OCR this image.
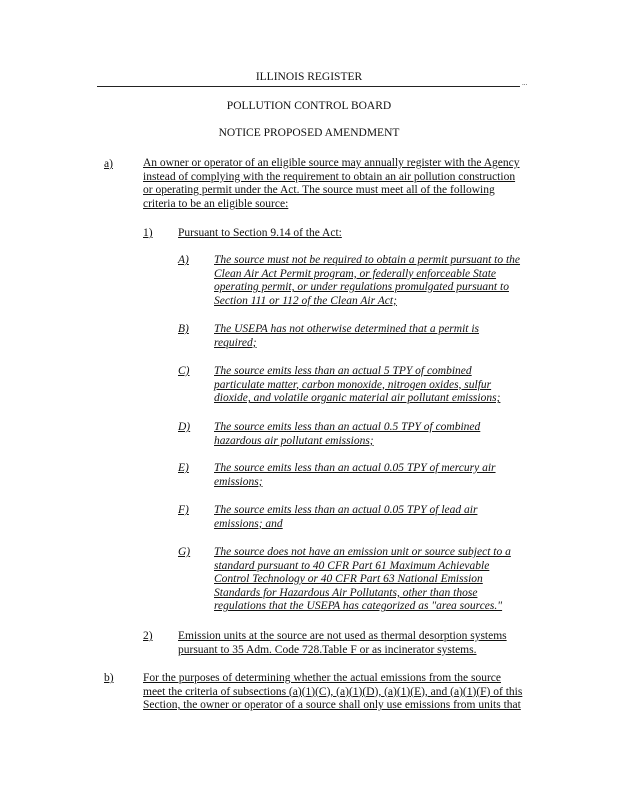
ILLINOIS REGISTER	...
POLLUTION CONTROL BOARD
NOTICE PROPOSED AMENDMENT
a)	An owner or operator of an eligible source may annually register with the Agency
instead of complying with the requirement to obtain an air pollution construction
or operating permit under the Act. The source must meet all of the following
criteria to be an eligible source:
1) Pursuant to Section 9.14 of the Act:
A) The source must not be required to obtain a permit pursuant to the
Clean Air Act Permit program, or federally enforceable State
operating permit, or under regulations promulgated pursuant to
Section 111 or 112 of the Clean Air Act;
B) The USEPA has not otherwise determined that a permit is
required;
C) The source emits less than an actual 5 TPY of combined
particulate matter, carbon monoxide, nitrogen oxides, sulfur
dioxide, and volatile organic material air pollutant emissions;
D) The source emits less than an actual 0.5 TPY of combined
hazardous air pollutant emissions;
E) The source emits less than an actual 0.05 TPY of mercury air
emissions;
F) The source emits less than an actual 0.05 TPY of lead air
emissions; and
G) The source does not have an emission unit or source subject to a
standard pursuant to 40 CFR Part 61 Maximum Achievable
Control Technology or 40 CFR Part 63 National Emission
Standards for Hazardous Air Pollutants, other than those
regulations that the USEPA has categorized as "area sources."
2) Emission units at the source are not used as thermal desorption systems
pursuant to 35 Adm. Code 728.Table F or as incinerator systems.
b)	For the purposes of determining whether the actual emissions from the source
meet the criteria of subsections (a)(1)(C), (a)(1)(D), (a)(1)(E), and (a)(1)(F) of this
Section, the owner or operator of a source shall only use emissions from units that
